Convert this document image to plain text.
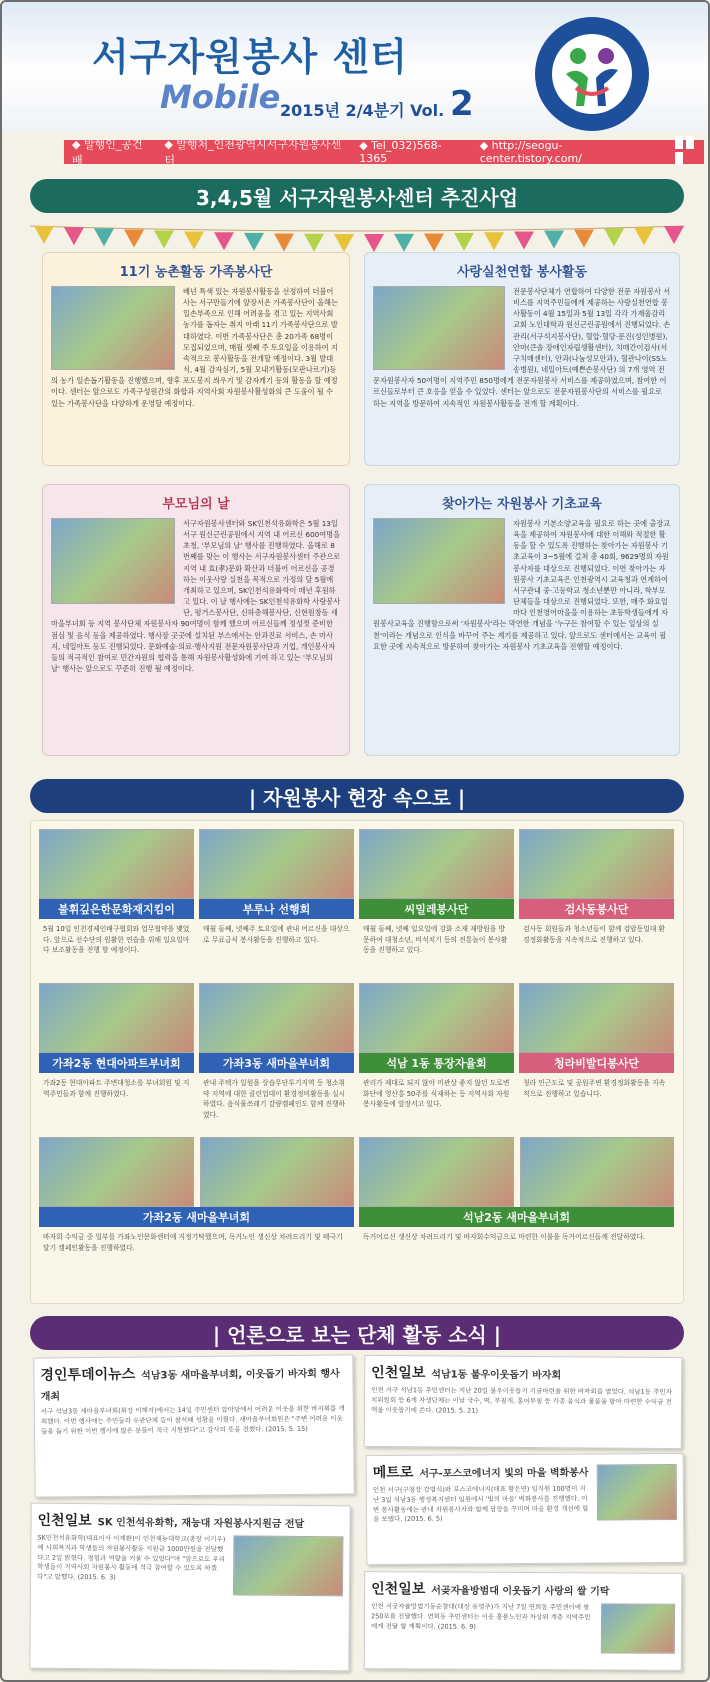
서구자원봉사 센터
Mobile 2015년 2/4분기 Vol. 2
◆ 발행인_공건배
◆ 발행처_인천광역시서구자원봉사센터
◆ Tel_032)568-1365
◆ http://seogu-center.tistory.com/
3,4,5월 서구자원봉사센터 추진사업
11기 농촌활동 가족봉사단
배넌 특색 있는 자원봉사활동을 선정하여 더불어 사는 서구만들기에 앞장서온 가족봉사단이 올해는 일손부족으로 인해 어려움을 겪고 있는 지역사회 농가를 돕자는 취지 아래 11기 가족봉사단으로 발대하였다. 이번 가족봉사단은 총 20가족 68명이 모집되었으며, 매월 셋째 주 토요일을 이용하여 지속적으로 봉사활동을 전개할 예정이다. 3월 발대식, 4월 감자심기, 5월 모내기활동(모판나르기)등의 농가 일손돕기활동을 진행했으며, 향후 포도봉지 씌우기 및 감자캐기 등의 활동을 할 예정이다. 센터는 앞으로도 가족구성원간의 화합과 지역사회 자원봉사활성화의 큰 도움이 될 수 있는 가족봉사단을 다양하게 운영할 예정이다.
사랑실천연합 봉사활동
전문봉사단체가 연합하여 다양한 전문 자원봉사 서비스를 지역주민들에게 제공하는 사랑실천연합 봉사활동이 4월 15일과 5월 13일 각각 가재울감리교회 노인대학과 원신근린공원에서 진행되었다. 손관리(서구석지봉사단), 혈압·혈당·문진(성인병원), 안마(큰솔 장애인자립생활센터), 치매간이검사(서구치매센터), 안과(나눔성모안과), 혈관나이(SS노송병원), 네일아트(예쁜손봉사단) 의 7개 영역 전문자원봉사자 50여명이 지역주민 850명에게 전문자원봉사 서비스를 제공하였으며, 참여한 어르신들로부터 큰 호응을 얻을 수 있었다. 센터는 앞으로도 전문자원봉사단의 서비스를 필요로 하는 지역을 방문하여 지속적인 자원봉사활동을 전개 할 계획이다.
부모님의 날
서구자원봉사센터와 SK인천석유화학은 5월 13일 서구 원신근린공원에서 지역 내 어르신 600여명을 초청, '부모님의 날' 행사를 진행하였다. 올해로 8번째를 맞는 이 행사는 서구자원봉사센터 주관으로 지역 내 효(孝)문화 확산과 더불어 어르신을 공경하는 이웃사랑 실천을 목적으로 가정의 달 5월에 개최하고 있으며, SK인천석유화학이 매년 후원하고 있다. 이 날 행사에는 SK인천석유화학 사랑봉사단, 평거스봉사단, 신하층해봉사단, 신현원창동 새마을부녀회 등 지역 봉사단체 자원봉사자 90여명이 함께 했으며 어르신들께 정성껏 준비한 점심 및 음식 등을 제공하였다. 행사장 곳곳에 설치된 부스에서는 안과진료 서비스, 손 마사지, 네일아트 등도 진행되었다. 문화예술·의료·행사지원 전문자원봉사단과 기업, 개인봉사자들의 적극적인 참여로 민간자원의 협력을 통해 자원봉사활성화에 기여 하고 있는 '부모님의 날' 행사는 앞으로도 꾸준히 진행 될 예정이다.
찾아가는 자원봉사 기초교육
자원봉사 기본소양교육을 필요로 하는 곳에 출장교육을 제공하여 자원봉사에 대한 이해와 적절한 활동을 할 수 있도록 진행하는 찾아가는 자원봉사 기초교육이 3~5월에 걸쳐 총 40회, 9629명의 자원봉사자를 대상으로 진행되었다. 이번 찾아가는 자원봉사 기초교육은 인천광역시 교육청과 연계하여 서구관내 중·고등학교 청소년뿐만 아니라, 학부모단체들을 대상으로 진행되었다. 또한, 매주 화요일마다 인천영어마을을 이용하는 초등학생들에게 자원봉사교육을 진행함으로써 '자원봉사'라는 막연한 개념을 '누구든 참여할 수 있는 일상의 실천'이라는 개념으로 인식을 바꾸어 주는 계기를 제공하고 있다. 앞으로도 센터에서는 교육이 필요한 곳에 지속적으로 방문하여 찾아가는 자원봉사 기초교육을 진행할 예정이다.
| 자원봉사 현장 속으로 |
불휘깊은한문화재지킴이
5월 10일 인천경제인배구협회와 업무협약을 맺었다. 앞으로 선수단의 원활한 연습을 위해 일요일마다 보조활동을 진행 할 예정이다.
부루나 선행회
매월 둘째, 넷째주 토요일에 관내 어르신을 대상으로 무료급식 봉사활동을 진행하고 있다.
씨밀레봉사단
매월 둘째, 넷째 일요일에 강화 소재 재방원을 방문하여 대청소년, 비석치기 등의 전통놀이 봉사활동을 진행하고 있다.
검사동봉사단
검사동 회원들과 청소년들이 함께 검암동일대 환경정화활동을 지속적으로 진행하고 있다.
가좌2동 현대아파트부녀회
가좌2동 현대아파트 주변대청소를 부녀회원 및 지역주민들과 함께 진행하였다.
가좌3동 새마을부녀회
관내 주택가 일원을 상습무단투기지역 등 청소취약 지역에 대한 클린업데이 환경정비활동을 실시하였다. 음식물쓰레기 감량캠페인도 함께 진행하였다.
석남 1동 통장자율회
관리가 제대로 되지 않아 미관상 좋지 않던 도로변 화단에 영산홍 50주를 식재하는 등 지역사회 자원봉사활동에 앞장서고 있다.
청라비발디봉사단
청라 인근도로 및 공원주변 환경정화활동을 지속적으로 진행하고 있습니다.
가좌2동 새마을부녀회
바자회 수익금 중 일부를 가좌노인문화센터에 지정기탁했으며, 독거노인 생신상 차려드리기 및 태극기 달기 캠페인활동을 진행하였다.
석남2동 새마을부녀회
독거어르신 생신상 차려드리기 및 바자회수익금으로 마련한 이불을 독거어르신들께 전달하였다.
| 언론으로 보는 단체 활동 소식 |
경인투데이뉴스 석남3동 새마을부녀회, 이웃돕기 바자회 행사 개최
서구 석남3동 새마을부녀회(회장 이해자)에서는 14일 주민센터 앞마당에서 어려운 이웃을 위한 바자회를 개최했다. 이번 행사에는 주민들과 유관단체 등이 참석해 성황을 이뤘다. 새마을부녀회원은 "주변 어려운 이웃들을 돕기 위한 이번 행사에 많은 분들이 적극 지원했다"고 감사의 뜻을 전했다. (2015. 5. 15)
인천일보 SK 인천석유화학, 재능대 자원봉사지원금 전달
SK인천석유화학(대표이사 이재환)이 인천재능대학교(총장 이기우)에 사회복지과 학생들의 자원봉사활동 지원금 1000만원을 전달했다고 2일 밝혔다. 경험과 역량을 키울 수 있었다"며 "앞으로도 우리 학생들이 지역사회 자원봉사 활동에 적극 참여할 수 있도록 하겠다"고 말했다. (2015. 6. 3)
인천일보 석남1동 불우이웃돕기 바자회
인천 서구 석남1동 주민센터는 지난 20일 불우이웃돕기 기금마련을 위한 바자회를 열었다. 석남1동 주민자치위원회 등 6개 자생단체는 이날 국수, 떡, 부침개, 홍어무침 등 각종 음식과 물품을 팔아 마련한 수익금 전액을 이웃돕기에 쓴다. (2015. 5. 21)
메트로 서구-포스코에너지 빛의 마을 벽화봉사
인천 서구(구청장 강범석)와 포스코에너지(대표 황은연) 임직원 100명이 지난 3일 석남3동 행정복지센터 일원에서 '빛의 마을' 벽화봉사를 진행했다. 이번 봉사활동에는 관내 자원봉사자와 함께 담장을 꾸미며 마을 환경 개선에 힘을 보탰다. (2015. 6. 5)
인천일보 서곶자율방범대 이웃돕기 사랑의 쌀 기탁
인천 서곶자율방범기동순찰대(대장 유영주)가 지난 7일 연희동 주민센터에 쌀 250포를 전달했다. 연희동 주민센터는 이웃 홀몸노인과 차상위 계층 지역주민에게 전달 할 계획이다. (2015. 6. 9)
